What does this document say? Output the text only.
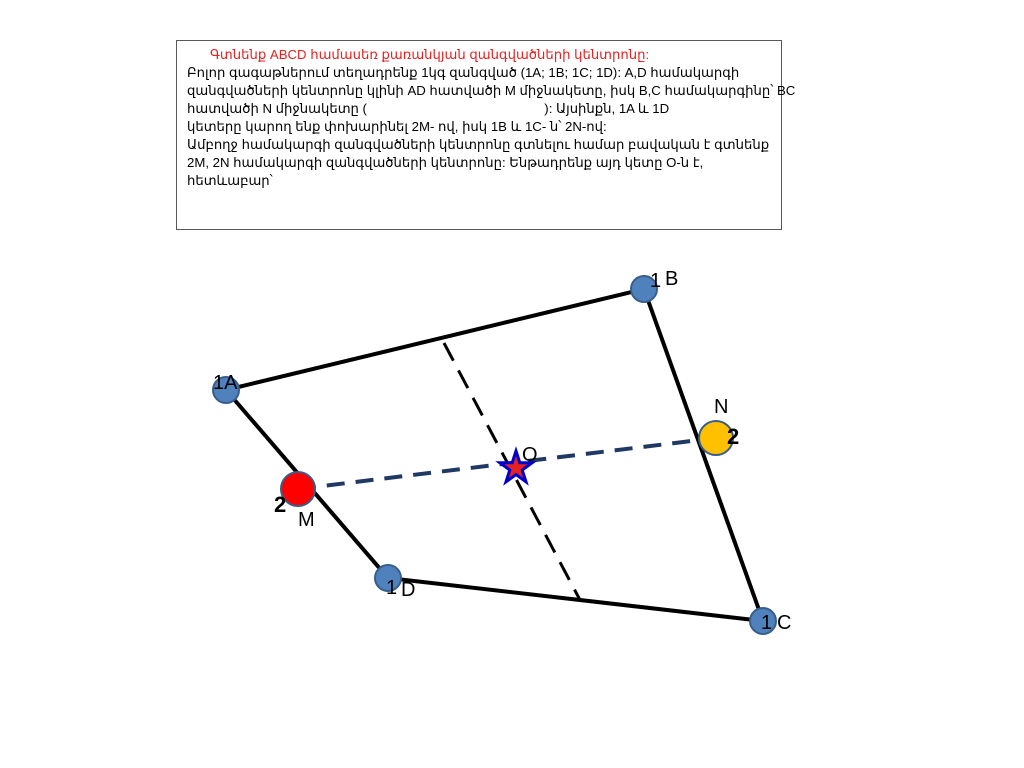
Գտնենք ABCD համասեռ քառանկյան զանգվածների կենտրոնը:
Բոլոր գագաթներում տեղադրենք 1կգ զանգված (1A; 1B; 1C; 1D): A,D համակարգի
զանգվածների կենտրոնը կլինի AD հատվածի M միջնակետը, իսկ B,C համակարգինը՝ BC
հատվածի N միջնակետը (	): Այսինքն, 1A և 1D
կետերը կարող ենք փոխարինել 2M- ով, իսկ 1B և 1C- ն՝ 2N-ով:
Ամբողջ համակարգի զանգվածների կենտրոնը գտնելու համար բավական է գտնենք
2M, 2N համակարգի զանգվածների կենտրոնը: Ենթադրենք այդ կետը O-ն է,
հետևաբար՝
1A
1 B
1 C
1 D
N
2
M
2
O
